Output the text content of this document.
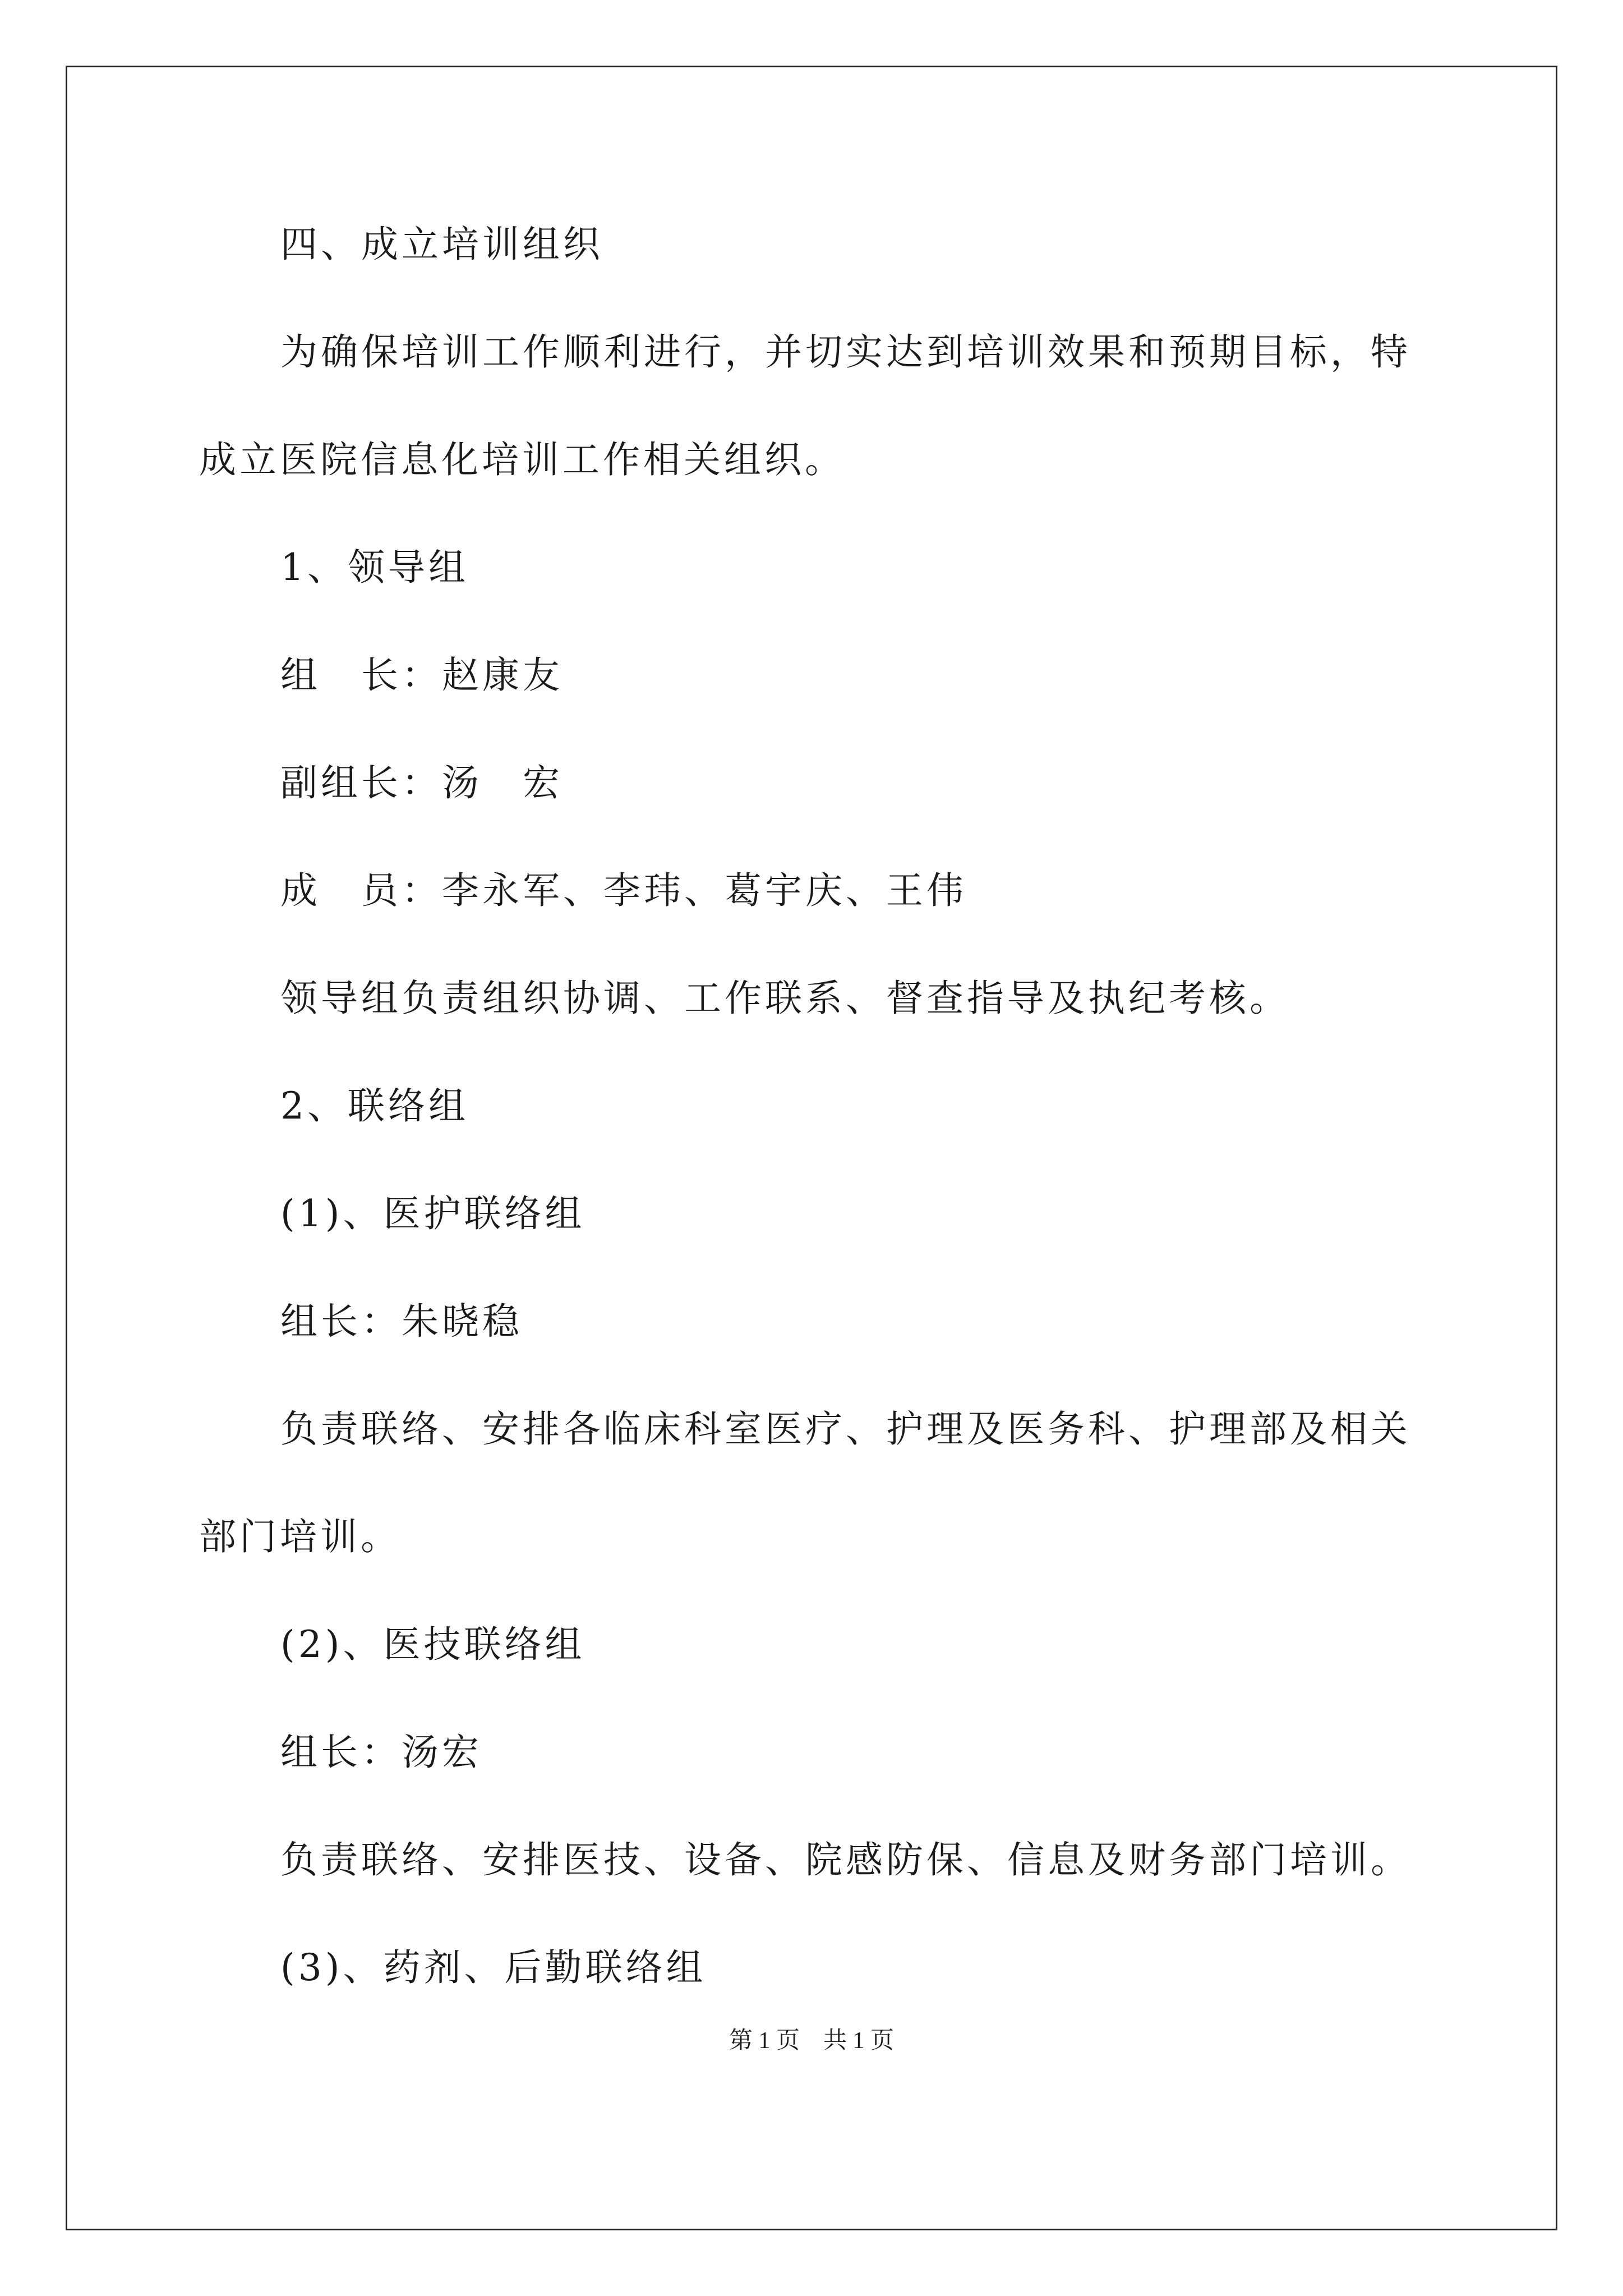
四、成立培训组织
为确保培训工作顺利进行，并切实达到培训效果和预期目标，特
成立医院信息化培训工作相关组织。
1、领导组
组　长：赵康友
副组长：汤　宏
成　员：李永军、李玮、葛宇庆、王伟
领导组负责组织协调、工作联系、督查指导及执纪考核。
2、联络组
(1)、医护联络组
组长：朱晓稳
负责联络、安排各临床科室医疗、护理及医务科、护理部及相关
部门培训。
(2)、医技联络组
组长：汤宏
负责联络、安排医技、设备、院感防保、信息及财务部门培训。
(3)、药剂、后勤联络组
第 1 页　共 1 页
